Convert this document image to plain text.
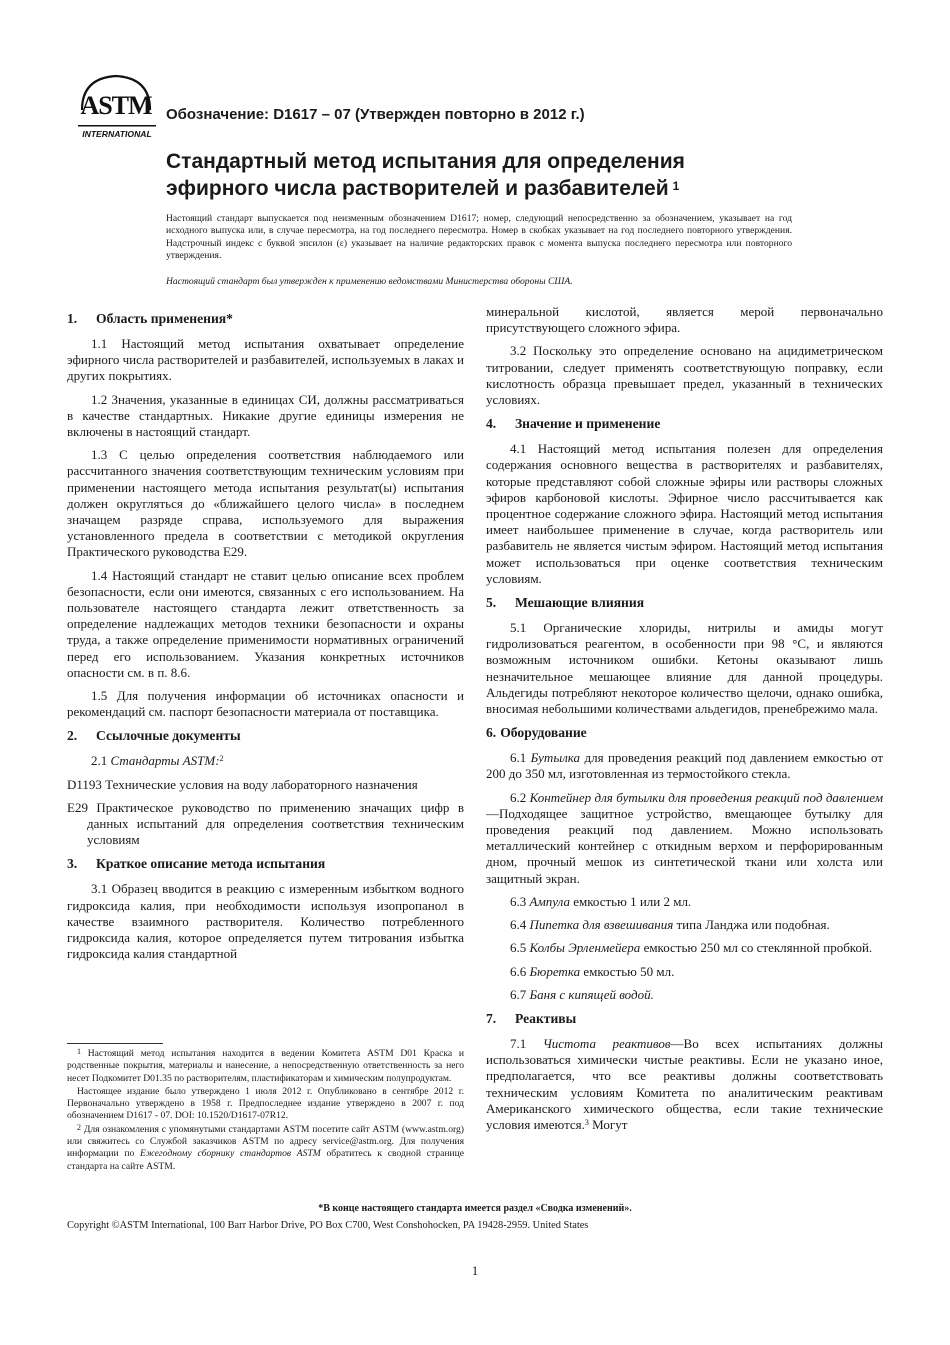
ASTM
INTERNATIONAL
Обозначение: D1617 – 07 (Утвержден повторно в 2012 г.)
Стандартный метод испытания для определения
эфирного числа растворителей и разбавителей $^1$

Настоящий стандарт выпускается под неизменным обозначением D1617; номер, следующий непосредственно за обозначением, указывает на год исходного выпуска или, в случае пересмотра, на год последнего пересмотра. Номер в скобках указывает на год последнего повторного утверждения. Надстрочный индекс с буквой эпсилон (ε) указывает на наличие редакторских правок с момента выпуска последнего пересмотра или повторного утверждения.

Настоящий стандарт был утвержден к применению ведомствами Министерства обороны США.

1. Область применения*

1.1 Настоящий метод испытания охватывает определение эфирного числа растворителей и разбавителей, используемых в лаках и других покрытиях.

1.2 Значения, указанные в единицах СИ, должны рассматриваться в качестве стандартных. Никакие другие единицы измерения не включены в настоящий стандарт.

1.3 С целью определения соответствия наблюдаемого или рассчитанного значения соответствующим техническим условиям при применении настоящего метода испытания результат(ы) испытания должен округляться до «ближайшего целого числа» в последнем значащем разряде справа, используемого для выражения установленного предела в соответствии с методикой округления Практического руководства E29.

1.4 Настоящий стандарт не ставит целью описание всех проблем безопасности, если они имеются, связанных с его использованием. На пользователе настоящего стандарта лежит ответственность за определение надлежащих методов техники безопасности и охраны труда, а также определение применимости нормативных ограничений перед его использованием. Указания конкретных источников опасности см. в п. 8.6.

1.5 Для получения информации об источниках опасности и рекомендаций см. паспорт безопасности материала от поставщика.

2. Ссылочные документы

2.1 Стандарты ASTM:$^2$

D1193 Технические условия на воду лабораторного назначения

E29 Практическое руководство по применению значащих цифр в данных испытаний для определения соответствия техническим условиям

3. Краткое описание метода испытания

3.1 Образец вводится в реакцию с измеренным избытком водного гидроксида калия, при необходимости используя изопропанол в качестве взаимного растворителя. Количество потребленного гидроксида калия, которое определяется путем титрования избытка гидроксида калия стандартной

$^1$ Настоящий метод испытания находится в ведении Комитета ASTM D01 Краска и родственные покрытия, материалы и нанесение, а непосредственную ответственность за него несет Подкомитет D01.35 по растворителям, пластификаторам и химическим полупродуктам.

Настоящее издание было утверждено 1 июля 2012 г. Опубликовано в сентябре 2012 г. Первоначально утверждено в 1958 г. Предпоследнее издание утверждено в 2007 г. под обозначением D1617 - 07. DOI: 10.1520/D1617-07R12.

$^2$ Для ознакомления с упомянутыми стандартами ASTM посетите сайт ASTM (www.astm.org) или свяжитесь со Службой заказчиков ASTM по адресу service@astm.org. Для получения информации по Ежегодному сборнику стандартов ASTM обратитесь к сводной странице стандарта на сайте ASTM.

минеральной кислотой, является мерой первоначально присутствующего сложного эфира.

3.2 Поскольку это определение основано на ацидиметрическом титровании, следует применять соответствующую поправку, если кислотность образца превышает предел, указанный в технических условиях.

4. Значение и применение

4.1 Настоящий метод испытания полезен для определения содержания основного вещества в растворителях и разбавителях, которые представляют собой сложные эфиры или растворы сложных эфиров карбоновой кислоты. Эфирное число рассчитывается как процентное содержание сложного эфира. Настоящий метод испытания имеет наибольшее применение в случае, когда растворитель или разбавитель не является чистым эфиром. Настоящий метод испытания может использоваться при оценке соответствия техническим условиям.

5. Мешающие влияния

5.1 Органические хлориды, нитрилы и амиды могут гидролизоваться реагентом, в особенности при 98 °C, и являются возможным источником ошибки. Кетоны оказывают лишь незначительное мешающее влияние для данной процедуры. Альдегиды потребляют некоторое количество щелочи, однако ошибка, вносимая небольшими количествами альдегидов, пренебрежимо мала.

6. Оборудование

6.1 Бутылка для проведения реакций под давлением емкостью от 200 до 350 мл, изготовленная из термостойкого стекла.

6.2 Контейнер для бутылки для проведения реакций под давлением—Подходящее защитное устройство, вмещающее бутылку для проведения реакций под давлением. Можно использовать металлический контейнер с откидным верхом и перфорированным дном, прочный мешок из синтетической ткани или холста или защитный экран.

6.3 Ампула емкостью 1 или 2 мл.

6.4 Пипетка для взвешивания типа Ланджа или подобная.

6.5 Колбы Эрленмейера емкостью 250 мл со стеклянной пробкой.

6.6 Бюретка емкостью 50 мл.

6.7 Баня с кипящей водой.

7. Реактивы

7.1 Чистота реактивов—Во всех испытаниях должны использоваться химически чистые реактивы. Если не указано иное, предполагается, что все реактивы должны соответствовать техническим условиям Комитета по аналитическим реактивам Американского химического общества, если такие технические условия имеются.$^3$ Могут

*В конце настоящего стандарта имеется раздел «Сводка изменений».
Copyright ©ASTM International, 100 Barr Harbor Drive, PO Box C700, West Conshohocken, PA 19428-2959. United States
1
